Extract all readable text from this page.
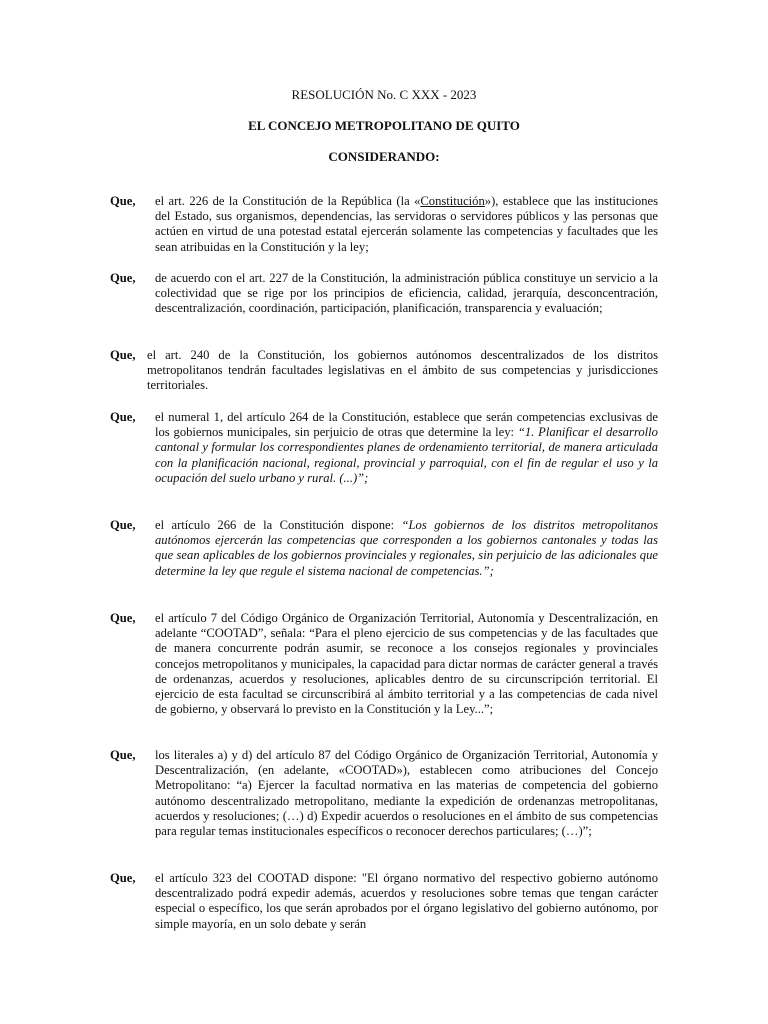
RESOLUCIÓN No. C XXX - 2023
EL CONCEJO METROPOLITANO DE QUITO
CONSIDERANDO:
Que, el art. 226 de la Constitución de la República (la «Constitución»), establece que las instituciones del Estado, sus organismos, dependencias, las servidoras o servidores públicos y las personas que actúen en virtud de una potestad estatal ejercerán solamente las competencias y facultades que les sean atribuidas en la Constitución y la ley;
Que, de acuerdo con el art. 227 de la Constitución, la administración pública constituye un servicio a la colectividad que se rige por los principios de eficiencia, calidad, jerarquía, desconcentración, descentralización, coordinación, participación, planificación, transparencia y evaluación;
Que, el art. 240 de la Constitución, los gobiernos autónomos descentralizados de los distritos metropolitanos tendrán facultades legislativas en el ámbito de sus competencias y jurisdicciones territoriales.
Que, el numeral 1, del artículo 264 de la Constitución, establece que serán competencias exclusivas de los gobiernos municipales, sin perjuicio de otras que determine la ley: “1. Planificar el desarrollo cantonal y formular los correspondientes planes de ordenamiento territorial, de manera articulada con la planificación nacional, regional, provincial y parroquial, con el fin de regular el uso y la ocupación del suelo urbano y rural. (...)”;
Que, el artículo 266 de la Constitución dispone: “Los gobiernos de los distritos metropolitanos autónomos ejercerán las competencias que corresponden a los gobiernos cantonales y todas las que sean aplicables de los gobiernos provinciales y regionales, sin perjuicio de las adicionales que determine la ley que regule el sistema nacional de competencias.”;
Que, el artículo 7 del Código Orgánico de Organización Territorial, Autonomía y Descentralización, en adelante “COOTAD”, señala: “Para el pleno ejercicio de sus competencias y de las facultades que de manera concurrente podrán asumir, se reconoce a los consejos regionales y provinciales concejos metropolitanos y municipales, la capacidad para dictar normas de carácter general a través de ordenanzas, acuerdos y resoluciones, aplicables dentro de su circunscripción territorial. El ejercicio de esta facultad se circunscribirá al ámbito territorial y a las competencias de cada nivel de gobierno, y observará lo previsto en la Constitución y la Ley...”;
Que, los literales a) y d) del artículo 87 del Código Orgánico de Organización Territorial, Autonomía y Descentralización, (en adelante, «COOTAD»), establecen como atribuciones del Concejo Metropolitano: “a) Ejercer la facultad normativa en las materias de competencia del gobierno autónomo descentralizado metropolitano, mediante la expedición de ordenanzas metropolitanas, acuerdos y resoluciones; (…) d) Expedir acuerdos o resoluciones en el ámbito de sus competencias para regular temas institucionales específicos o reconocer derechos particulares; (…)”;
Que, el artículo 323 del COOTAD dispone: "El órgano normativo del respectivo gobierno autónomo descentralizado podrá expedir además, acuerdos y resoluciones sobre temas que tengan carácter especial o específico, los que serán aprobados por el órgano legislativo del gobierno autónomo, por simple mayoría, en un solo debate y serán
